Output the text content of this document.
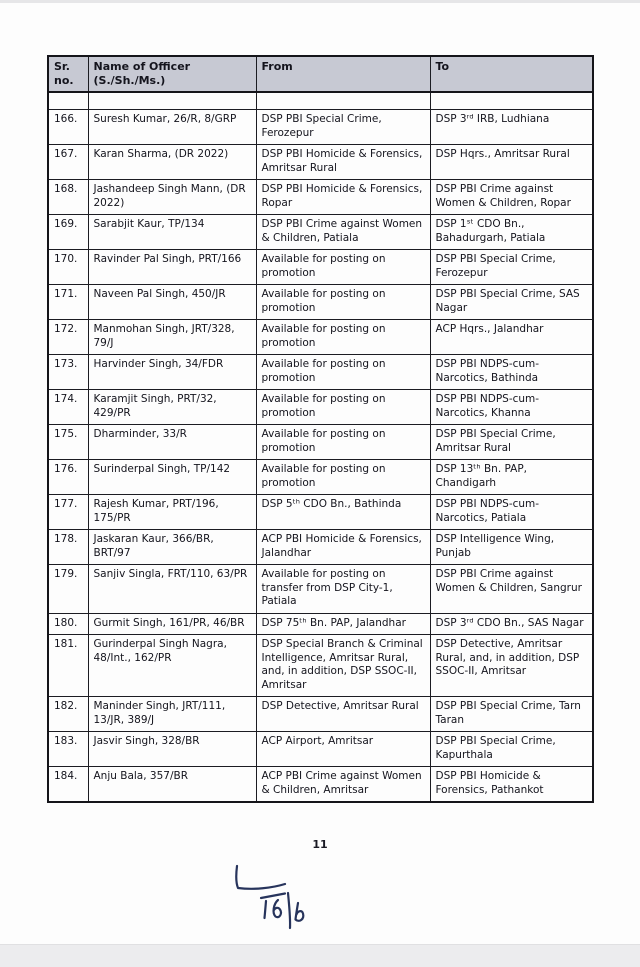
Sr. no.	Name of Officer (S./Sh./Ms.)	From	To

166.	Suresh Kumar, 26/R, 8/GRP	DSP PBI Special Crime, Ferozepur	DSP 3ʳᵈ IRB, Ludhiana
167.	Karan Sharma, (DR 2022)	DSP PBI Homicide & Forensics, Amritsar Rural	DSP Hqrs., Amritsar Rural
168.	Jashandeep Singh Mann, (DR 2022)	DSP PBI Homicide & Forensics, Ropar	DSP PBI Crime against Women & Children, Ropar
169.	Sarabjit Kaur, TP/134	DSP PBI Crime against Women & Children, Patiala	DSP 1ˢᵗ CDO Bn., Bahadurgarh, Patiala
170.	Ravinder Pal Singh, PRT/166	Available for posting on promotion	DSP PBI Special Crime, Ferozepur
171.	Naveen Pal Singh, 450/JR	Available for posting on promotion	DSP PBI Special Crime, SAS Nagar
172.	Manmohan Singh, JRT/328, 79/J	Available for posting on promotion	ACP Hqrs., Jalandhar
173.	Harvinder Singh, 34/FDR	Available for posting on promotion	DSP PBI NDPS-cum-Narcotics, Bathinda
174.	Karamjit Singh, PRT/32, 429/PR	Available for posting on promotion	DSP PBI NDPS-cum-Narcotics, Khanna
175.	Dharminder, 33/R	Available for posting on promotion	DSP PBI Special Crime, Amritsar Rural
176.	Surinderpal Singh, TP/142	Available for posting on promotion	DSP 13ᵗʰ Bn. PAP, Chandigarh
177.	Rajesh Kumar, PRT/196, 175/PR	DSP 5ᵗʰ CDO Bn., Bathinda	DSP PBI NDPS-cum-Narcotics, Patiala
178.	Jaskaran Kaur, 366/BR, BRT/97	ACP PBI Homicide & Forensics, Jalandhar	DSP Intelligence Wing, Punjab
179.	Sanjiv Singla, FRT/110, 63/PR	Available for posting on transfer from DSP City-1, Patiala	DSP PBI Crime against Women & Children, Sangrur
180.	Gurmit Singh, 161/PR, 46/BR	DSP 75ᵗʰ Bn. PAP, Jalandhar	DSP 3ʳᵈ CDO Bn., SAS Nagar
181.	Gurinderpal Singh Nagra, 48/Int., 162/PR	DSP Special Branch & Criminal Intelligence, Amritsar Rural, and, in addition, DSP SSOC-II, Amritsar	DSP Detective, Amritsar Rural, and, in addition, DSP SSOC-II, Amritsar
182.	Maninder Singh, JRT/111, 13/JR, 389/J	DSP Detective, Amritsar Rural	DSP PBI Special Crime, Tarn Taran
183.	Jasvir Singh, 328/BR	ACP Airport, Amritsar	DSP PBI Special Crime, Kapurthala
184.	Anju Bala, 357/BR	ACP PBI Crime against Women & Children, Amritsar	DSP PBI Homicide & Forensics, Pathankot
11
